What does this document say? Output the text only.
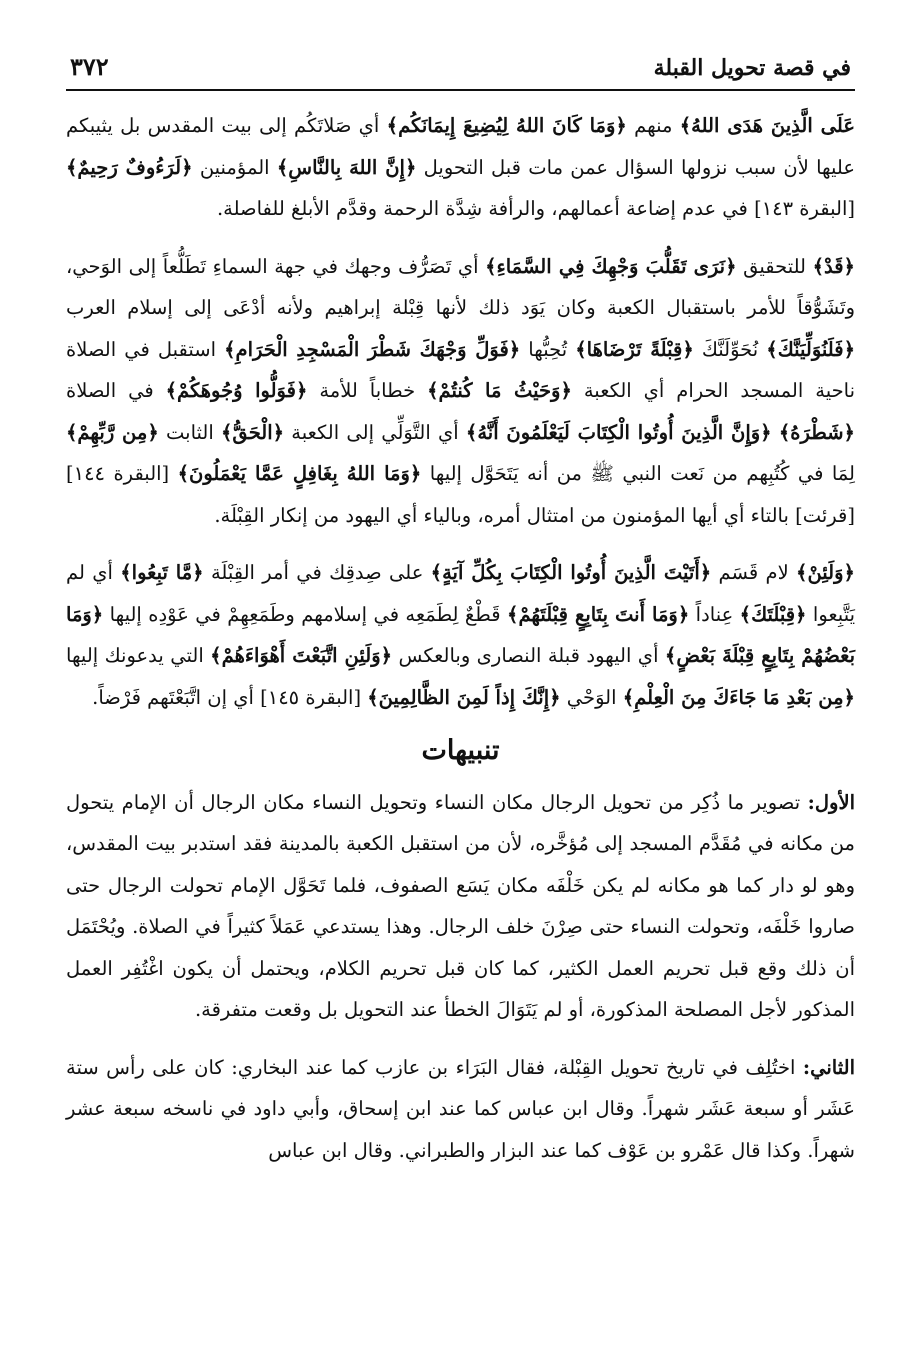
في قصة تحويل القبلة
٣٧٢

عَلَى الَّذِينَ هَدَى اللهُ﴾ منهم ﴿وَمَا كَانَ اللهُ لِيُضِيعَ إِيمَانَكُم﴾ أي صَلاتَكُم إلى بيت المقدس بل يثيبكم عليها لأن سبب نزولها السؤال عمن مات قبل التحويل ﴿إِنَّ اللهَ بِالنَّاسِ﴾ المؤمنين ﴿لَرَءُوفٌ رَحِيمٌ﴾ [البقرة ١٤٣] في عدم إضاعة أعمالهم، والرأفة شِدَّة الرحمة وقدَّم الأبلغ للفاصلة.

﴿قَدْ﴾ للتحقيق ﴿نَرَى تَقَلُّبَ وَجْهِكَ فِي السَّمَاءِ﴾ أي تَصَرُّف وجهك في جهة السماءِ تَطَلُّعاً إلى الوَحي، وتَشَوُّقاً للأمر باستقبال الكعبة وكان يَوَد ذلك لأنها قِبْلة إبراهيم ولأنه أدْعَى إلى إسلام العرب ﴿فَلَنُوَلِّيَنَّكَ﴾ نُحَوِّلَنَّكَ ﴿قِبْلَةً تَرْضَاهَا﴾ تُحِبُّها ﴿فَوَلِّ وَجْهَكَ شَطْرَ الْمَسْجِدِ الْحَرَامِ﴾ استقبل في الصلاة ناحية المسجد الحرام أي الكعبة ﴿وَحَيْثُ مَا كُنتُمْ﴾ خطاباً للأمة ﴿فَوَلُّوا وُجُوهَكُمْ﴾ في الصلاة ﴿شَطْرَهُ﴾ ﴿وَإِنَّ الَّذِينَ أُوتُوا الْكِتَابَ لَيَعْلَمُونَ أَنَّهُ﴾ أي التَّوَلِّي إلى الكعبة ﴿الْحَقُّ﴾ الثابت ﴿مِن رَّبِّهِمْ﴾ لِمَا في كُتُبِهم من نَعت النبي ﷺ من أنه يَتَحَوَّل إليها ﴿وَمَا اللهُ بِغَافِلٍ عَمَّا يَعْمَلُونَ﴾ [البقرة ١٤٤] [قرئت] بالتاء أي أيها المؤمنون من امتثال أمره، وبالياء أي اليهود من إنكار القِبْلَة.

﴿وَلَئِنْ﴾ لام قَسَم ﴿أَتَيْتَ الَّذِينَ أُوتُوا الْكِتَابَ بِكُلِّ آيَةٍ﴾ على صِدقِك في أمر القِبْلَة ﴿مَّا تَبِعُوا﴾ أي لم يَتَّبِعوا ﴿قِبْلَتَكَ﴾ عِناداً ﴿وَمَا أَنتَ بِتَابِعٍ قِبْلَتَهُمْ﴾ قَطْعٌ لِطَمَعِه في إسلامهم وطَمَعِهِمْ في عَوْدِه إليها ﴿وَمَا بَعْضُهُمْ بِتَابِعٍ قِبْلَةَ بَعْضٍ﴾ أي اليهود قبلة النصارى وبالعكس ﴿وَلَئِنِ اتَّبَعْتَ أَهْوَاءَهُمْ﴾ التي يدعونك إليها ﴿مِن بَعْدِ مَا جَاءَكَ مِنَ الْعِلْمِ﴾ الوَحْي ﴿إِنَّكَ إِذاً لَمِنَ الظَّالِمِينَ﴾ [البقرة ١٤٥] أي إن اتَّبَعْتَهم فَرْضاً.

تنبيهات

الأول: تصوير ما ذُكِر من تحويل الرجال مكان النساء وتحويل النساء مكان الرجال أن الإمام يتحول من مكانه في مُقَدَّم المسجد إلى مُؤخَّره، لأن من استقبل الكعبة بالمدينة فقد استدبر بيت المقدس، وهو لو دار كما هو مكانه لم يكن خَلْفَه مكان يَسَع الصفوف، فلما تَحَوَّل الإمام تحولت الرجال حتى صاروا خَلْفَه، وتحولت النساء حتى صِرْنَ خلف الرجال. وهذا يستدعي عَمَلاً كثيراً في الصلاة. ويُحْتَمَل أن ذلك وقع قبل تحريم العمل الكثير، كما كان قبل تحريم الكلام، ويحتمل أن يكون اغْتُفِر العمل المذكور لأجل المصلحة المذكورة، أو لم يَتَوَالَ الخطأ عند التحويل بل وقعت متفرقة.

الثاني: اختُلِف في تاريخ تحويل القِبْلة، فقال البَرَاء بن عازب كما عند البخاري: كان على رأس ستة عَشَر أو سبعة عَشَر شهراً. وقال ابن عباس كما عند ابن إسحاق، وأبي داود في ناسخه سبعة عشر شهراً. وكذا قال عَمْرو بن عَوْف كما عند البزار والطبراني. وقال ابن عباس
